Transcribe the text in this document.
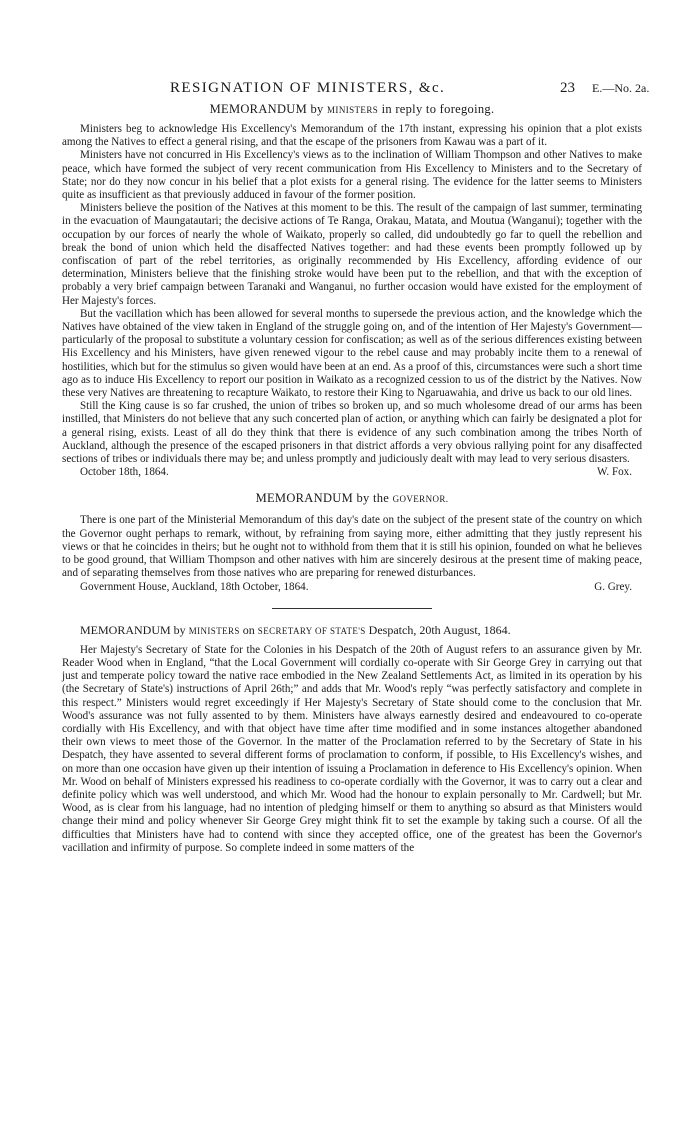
RESIGNATION OF MINISTERS, &c.	23 E.—No. 2a.
MEMORANDUM by MINISTERS in reply to foregoing.

Ministers beg to acknowledge His Excellency's Memorandum of the 17th instant, expressing his opinion that a plot exists among the Natives to effect a general rising, and that the escape of the prisoners from Kawau was a part of it.

Ministers have not concurred in His Excellency's views as to the inclination of William Thompson and other Natives to make peace, which have formed the subject of very recent communication from His Excellency to Ministers and to the Secretary of State; nor do they now concur in his belief that a plot exists for a general rising. The evidence for the latter seems to Ministers quite as insufficient as that previously adduced in favour of the former position.

Ministers believe the position of the Natives at this moment to be this. The result of the campaign of last summer, terminating in the evacuation of Maungatautari; the decisive actions of Te Ranga, Orakau, Matata, and Moutua (Wanganui); together with the occupation by our forces of nearly the whole of Waikato, properly so called, did undoubtedly go far to quell the rebellion and break the bond of union which held the disaffected Natives together: and had these events been promptly followed up by confiscation of part of the rebel territories, as originally recommended by His Excellency, affording evidence of our determination, Ministers believe that the finishing stroke would have been put to the rebellion, and that with the exception of probably a very brief campaign between Taranaki and Wanganui, no further occasion would have existed for the employment of Her Majesty's forces.

But the vacillation which has been allowed for several months to supersede the previous action, and the knowledge which the Natives have obtained of the view taken in England of the struggle going on, and of the intention of Her Majesty's Government—particularly of the proposal to substitute a voluntary cession for confiscation; as well as of the serious differences existing between His Excellency and his Ministers, have given renewed vigour to the rebel cause and may probably incite them to a renewal of hostilities, which but for the stimulus so given would have been at an end. As a proof of this, circumstances were such a short time ago as to induce His Excellency to report our position in Waikato as a recognized cession to us of the district by the Natives. Now these very Natives are threatening to recapture Waikato, to restore their King to Ngaruawahia, and drive us back to our old lines.

Still the King cause is so far crushed, the union of tribes so broken up, and so much wholesome dread of our arms has been instilled, that Ministers do not believe that any such concerted plan of action, or anything which can fairly be designated a plot for a general rising, exists. Least of all do they think that there is evidence of any such combination among the tribes North of Auckland, although the presence of the escaped prisoners in that district affords a very obvious rallying point for any disaffected sections of tribes or individuals there may be; and unless promptly and judiciously dealt with may lead to very serious disasters.

October 18th, 1864.	W. Fox.
MEMORANDUM by the GOVERNOR.

There is one part of the Ministerial Memorandum of this day's date on the subject of the present state of the country on which the Governor ought perhaps to remark, without, by refraining from saying more, either admitting that they justly represent his views or that he coincides in theirs; but he ought not to withhold from them that it is still his opinion, founded on what he believes to be good ground, that William Thompson and other natives with him are sincerely desirous at the present time of making peace, and of separating themselves from those natives who are preparing for renewed disturbances.

Government House, Auckland, 18th October, 1864.	G. Grey.
MEMORANDUM by MINISTERS on SECRETARY OF STATE'S Despatch, 20th August, 1864.

Her Majesty's Secretary of State for the Colonies in his Despatch of the 20th of August refers to an assurance given by Mr. Reader Wood when in England, “that the Local Government will cordially co-operate with Sir George Grey in carrying out that just and temperate policy toward the native race embodied in the New Zealand Settlements Act, as limited in its operation by his (the Secretary of State's) instructions of April 26th;” and adds that Mr. Wood's reply “was perfectly satisfactory and complete in this respect.” Ministers would regret exceedingly if Her Majesty's Secretary of State should come to the conclusion that Mr. Wood's assurance was not fully assented to by them. Ministers have always earnestly desired and endeavoured to co-operate cordially with His Excellency, and with that object have time after time modified and in some instances altogether abandoned their own views to meet those of the Governor. In the matter of the Proclamation referred to by the Secretary of State in his Despatch, they have assented to several different forms of proclamation to conform, if possible, to His Excellency's wishes, and on more than one occasion have given up their intention of issuing a Proclamation in deference to His Excellency's opinion. When Mr. Wood on behalf of Ministers expressed his readiness to co-operate cordially with the Governor, it was to carry out a clear and definite policy which was well understood, and which Mr. Wood had the honour to explain personally to Mr. Cardwell; but Mr. Wood, as is clear from his language, had no intention of pledging himself or them to anything so absurd as that Ministers would change their mind and policy whenever Sir George Grey might think fit to set the example by taking such a course. Of all the difficulties that Ministers have had to contend with since they accepted office, one of the greatest has been the Governor's vacillation and infirmity of purpose. So complete indeed in some matters of the
